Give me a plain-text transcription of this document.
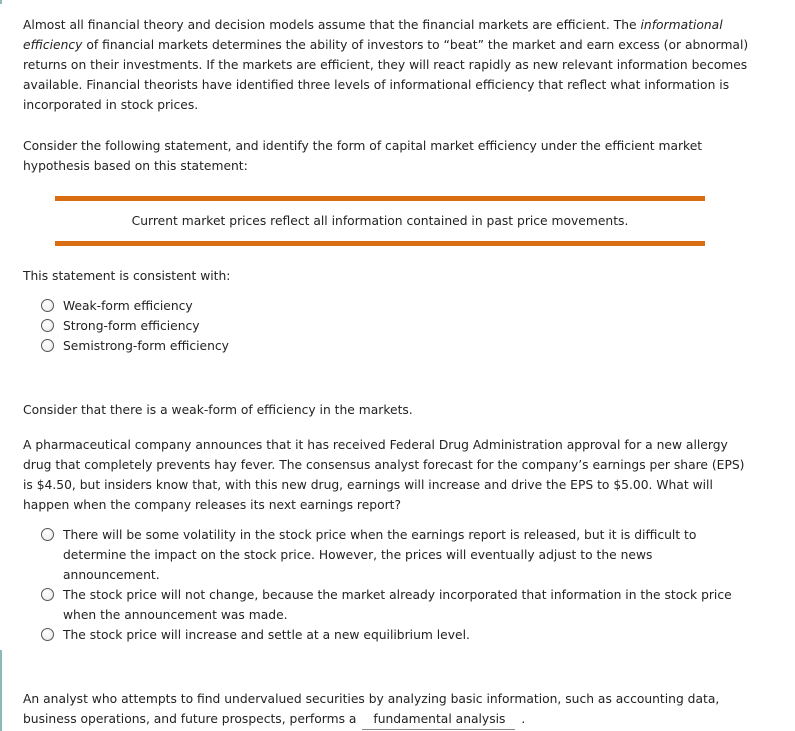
Almost all financial theory and decision models assume that the financial markets are efficient. The informational efficiency of financial markets determines the ability of investors to “beat” the market and earn excess (or abnormal) returns on their investments. If the markets are efficient, they will react rapidly as new relevant information becomes available. Financial theorists have identified three levels of informational efficiency that reflect what information is incorporated in stock prices.

Consider the following statement, and identify the form of capital market efficiency under the efficient market hypothesis based on this statement:

Current market prices reflect all information contained in past price movements.

This statement is consistent with:

Weak-form efficiency
Strong-form efficiency
Semistrong-form efficiency

Consider that there is a weak-form of efficiency in the markets.

A pharmaceutical company announces that it has received Federal Drug Administration approval for a new allergy drug that completely prevents hay fever. The consensus analyst forecast for the company’s earnings per share (EPS) is $4.50, but insiders know that, with this new drug, earnings will increase and drive the EPS to $5.00. What will happen when the company releases its next earnings report?

There will be some volatility in the stock price when the earnings report is released, but it is difficult to determine the impact on the stock price. However, the prices will eventually adjust to the news announcement.
The stock price will not change, because the market already incorporated that information in the stock price when the announcement was made.
The stock price will increase and settle at a new equilibrium level.

An analyst who attempts to find undervalued securities by analyzing basic information, such as accounting data, business operations, and future prospects, performs a fundamental analysis .
